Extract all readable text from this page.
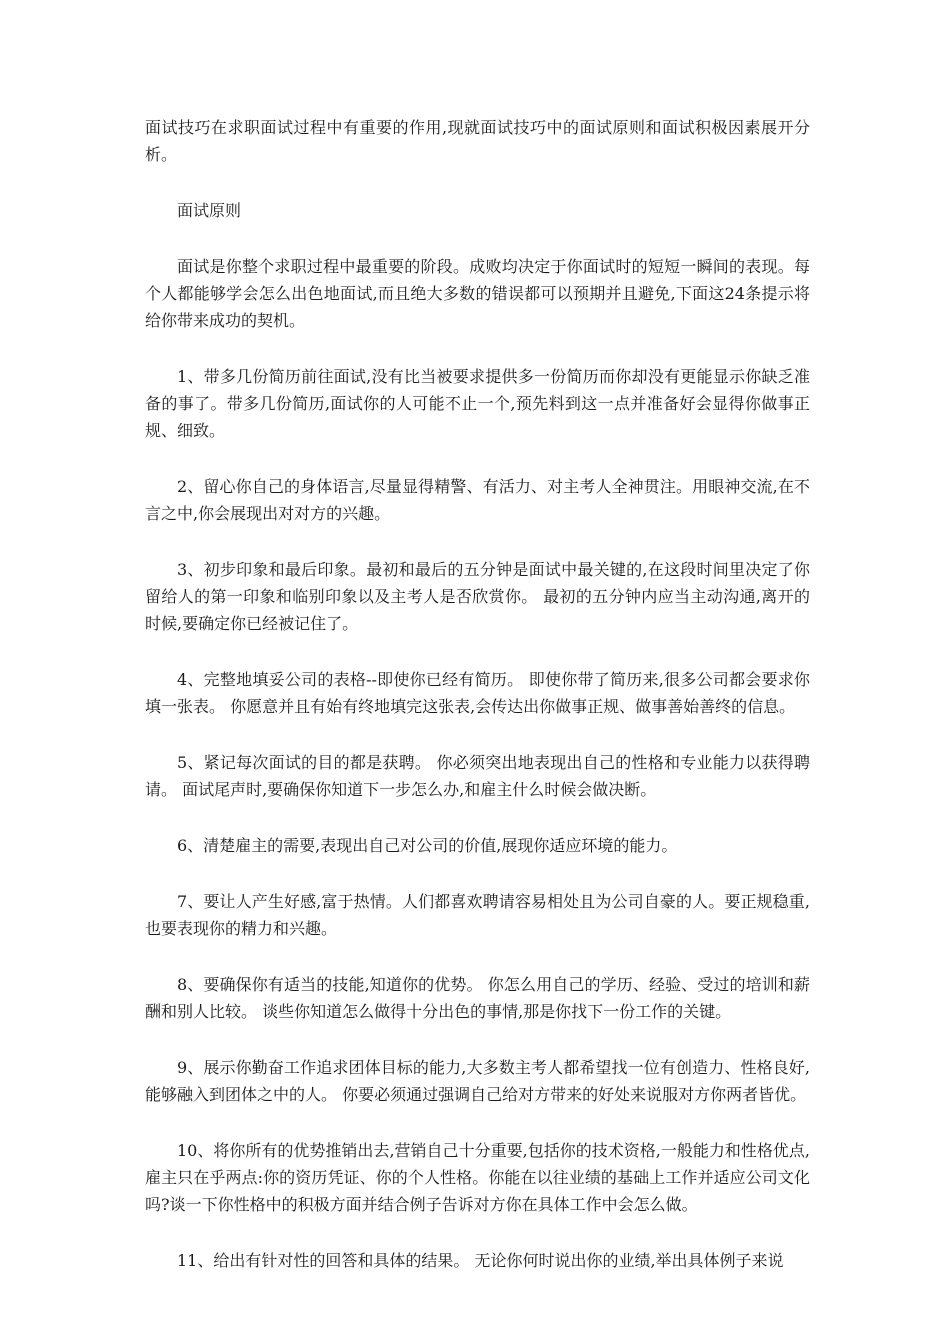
面试技巧在求职面试过程中有重要的作用,现就面试技巧中的面试原则和面试积极因素展开分析。

面试原则

面试是你整个求职过程中最重要的阶段。成败均决定于你面试时的短短一瞬间的表现。每个人都能够学会怎么出色地面试,而且绝大多数的错误都可以预期并且避免,下面这24条提示将给你带来成功的契机。

1、带多几份简历前往面试,没有比当被要求提供多一份简历而你却没有更能显示你缺乏准备的事了。带多几份简历,面试你的人可能不止一个,预先料到这一点并准备好会显得你做事正规、细致。

2、留心你自己的身体语言,尽量显得精警、有活力、对主考人全神贯注。用眼神交流,在不言之中,你会展现出对对方的兴趣。

3、初步印象和最后印象。最初和最后的五分钟是面试中最关键的,在这段时间里决定了你留给人的第一印象和临别印象以及主考人是否欣赏你。 最初的五分钟内应当主动沟通,离开的时候,要确定你已经被记住了。

4、完整地填妥公司的表格--即使你已经有简历。 即使你带了简历来,很多公司都会要求你填一张表。 你愿意并且有始有终地填完这张表,会传达出你做事正规、做事善始善终的信息。

5、紧记每次面试的目的都是获聘。 你必须突出地表现出自己的性格和专业能力以获得聘请。 面试尾声时,要确保你知道下一步怎么办,和雇主什么时候会做决断。

6、清楚雇主的需要,表现出自己对公司的价值,展现你适应环境的能力。

7、要让人产生好感,富于热情。人们都喜欢聘请容易相处且为公司自豪的人。要正规稳重,也要表现你的精力和兴趣。

8、要确保你有适当的技能,知道你的优势。 你怎么用自己的学历、经验、受过的培训和薪酬和别人比较。 谈些你知道怎么做得十分出色的事情,那是你找下一份工作的关键。

9、展示你勤奋工作追求团体目标的能力,大多数主考人都希望找一位有创造力、性格良好,能够融入到团体之中的人。 你要必须通过强调自己给对方带来的好处来说服对方你两者皆优。

10、将你所有的优势推销出去,营销自己十分重要,包括你的技术资格,一般能力和性格优点,雇主只在乎两点:你的资历凭证、你的个人性格。你能在以往业绩的基础上工作并适应公司文化吗?谈一下你性格中的积极方面并结合例子告诉对方你在具体工作中会怎么做。

11、给出有针对性的回答和具体的结果。 无论你何时说出你的业绩,举出具体例子来说
